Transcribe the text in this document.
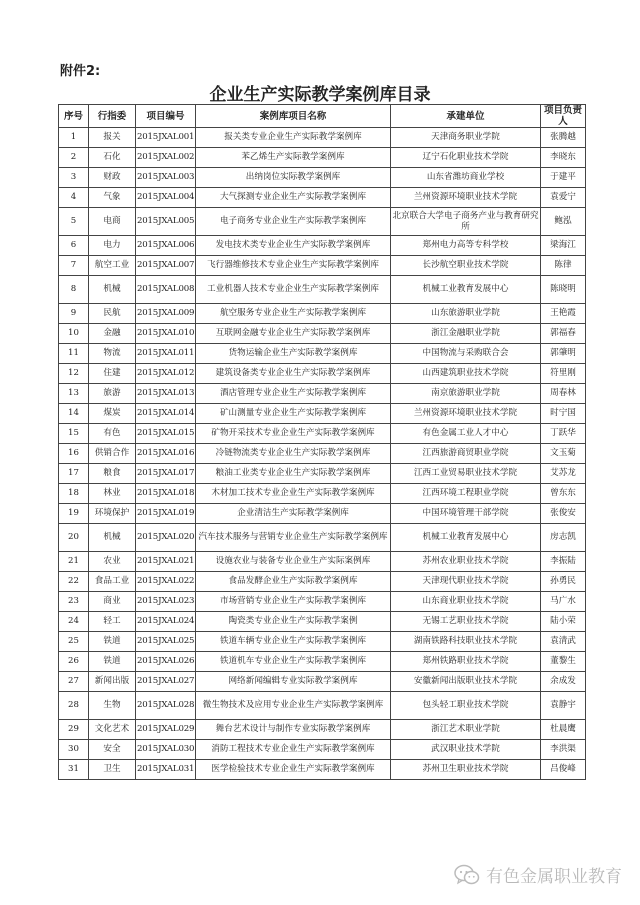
附件2:
企业生产实际教学案例库目录
序号	行指委	项目编号	案例库项目名称	承建单位	项目负责人
1	报关	2015JXAL001	报关类专业企业生产实际教学案例库	天津商务职业学院	张腾越
2	石化	2015JXAL002	苯乙烯生产实际教学案例库	辽宁石化职业技术学院	李晓东
3	财政	2015JXAL003	出纳岗位实际教学案例库	山东省潍坊商业学校	于建平
4	气象	2015JXAL004	大气探测专业企业生产实际教学案例库	兰州资源环境职业技术学院	袁爱宁
5	电商	2015JXAL005	电子商务专业企业生产实际教学案例库	北京联合大学电子商务产业与教育研究所	鲍泓
6	电力	2015JXAL006	发电技术类专业企业生产实际教学案例库	郑州电力高等专科学校	梁海江
7	航空工业	2015JXAL007	飞行器维修技术专业企业生产实际教学案例库	长沙航空职业技术学院	陈律
8	机械	2015JXAL008	工业机器人技术专业企业生产实际教学案例库	机械工业教育发展中心	陈晓明
9	民航	2015JXAL009	航空服务专业企业生产实际教学案例库	山东旅游职业学院	王艳霞
10	金融	2015JXAL010	互联网金融专业企业生产实际教学案例库	浙江金融职业学院	郭福春
11	物流	2015JXAL011	货物运输企业生产实际教学案例库	中国物流与采购联合会	郭肇明
12	住建	2015JXAL012	建筑设备类专业企业生产实际教学案例库	山西建筑职业技术学院	符里刚
13	旅游	2015JXAL013	酒店管理专业企业生产实际教学案例库	南京旅游职业学院	周春林
14	煤炭	2015JXAL014	矿山测量专业企业生产实际教学案例库	兰州资源环境职业技术学院	时宁国
15	有色	2015JXAL015	矿物开采技术专业企业生产实际教学案例库	有色金属工业人才中心	丁跃华
16	供销合作	2015JXAL016	冷链物流类专业企业生产实际教学案例库	江西旅游商贸职业学院	文玉菊
17	粮食	2015JXAL017	粮油工业类专业企业生产实际教学案例库	江西工业贸易职业技术学院	艾苏龙
18	林业	2015JXAL018	木材加工技术专业企业生产实际教学案例库	江西环境工程职业学院	曾东东
19	环境保护	2015JXAL019	企业清洁生产实际教学案例库	中国环境管理干部学院	张俊安
20	机械	2015JXAL020	汽车技术服务与营销专业企业生产实际教学案例库	机械工业教育发展中心	房志凯
21	农业	2015JXAL021	设施农业与装备专业企业生产实际案例库	苏州农业职业技术学院	李振陆
22	食品工业	2015JXAL022	食品发酵企业生产实际教学案例库	天津现代职业技术学院	孙勇民
23	商业	2015JXAL023	市场营销专业企业生产实际教学案例库	山东商业职业技术学院	马广水
24	轻工	2015JXAL024	陶瓷类专业企业生产实际教学案例	无锡工艺职业技术学院	陆小荣
25	铁道	2015JXAL025	铁道车辆专业企业生产实际教学案例库	湖南铁路科技职业技术学院	袁清武
26	铁道	2015JXAL026	铁道机车专业企业生产实际教学案例库	郑州铁路职业技术学院	董黎生
27	新闻出版	2015JXAL027	网络新闻编辑专业实际教学案例库	安徽新闻出版职业技术学院	余成发
28	生物	2015JXAL028	微生物技术及应用专业企业生产实际教学案例库	包头轻工职业技术学院	袁静宇
29	文化艺术	2015JXAL029	舞台艺术设计与制作专业实际教学案例库	浙江艺术职业学院	杜晨鹰
30	安全	2015JXAL030	消防工程技术专业企业生产实际教学案例库	武汉职业技术学院	李洪渠
31	卫生	2015JXAL031	医学检验技术专业企业生产实际教学案例库	苏州卫生职业技术学院	吕俊峰
有色金属职业教育
